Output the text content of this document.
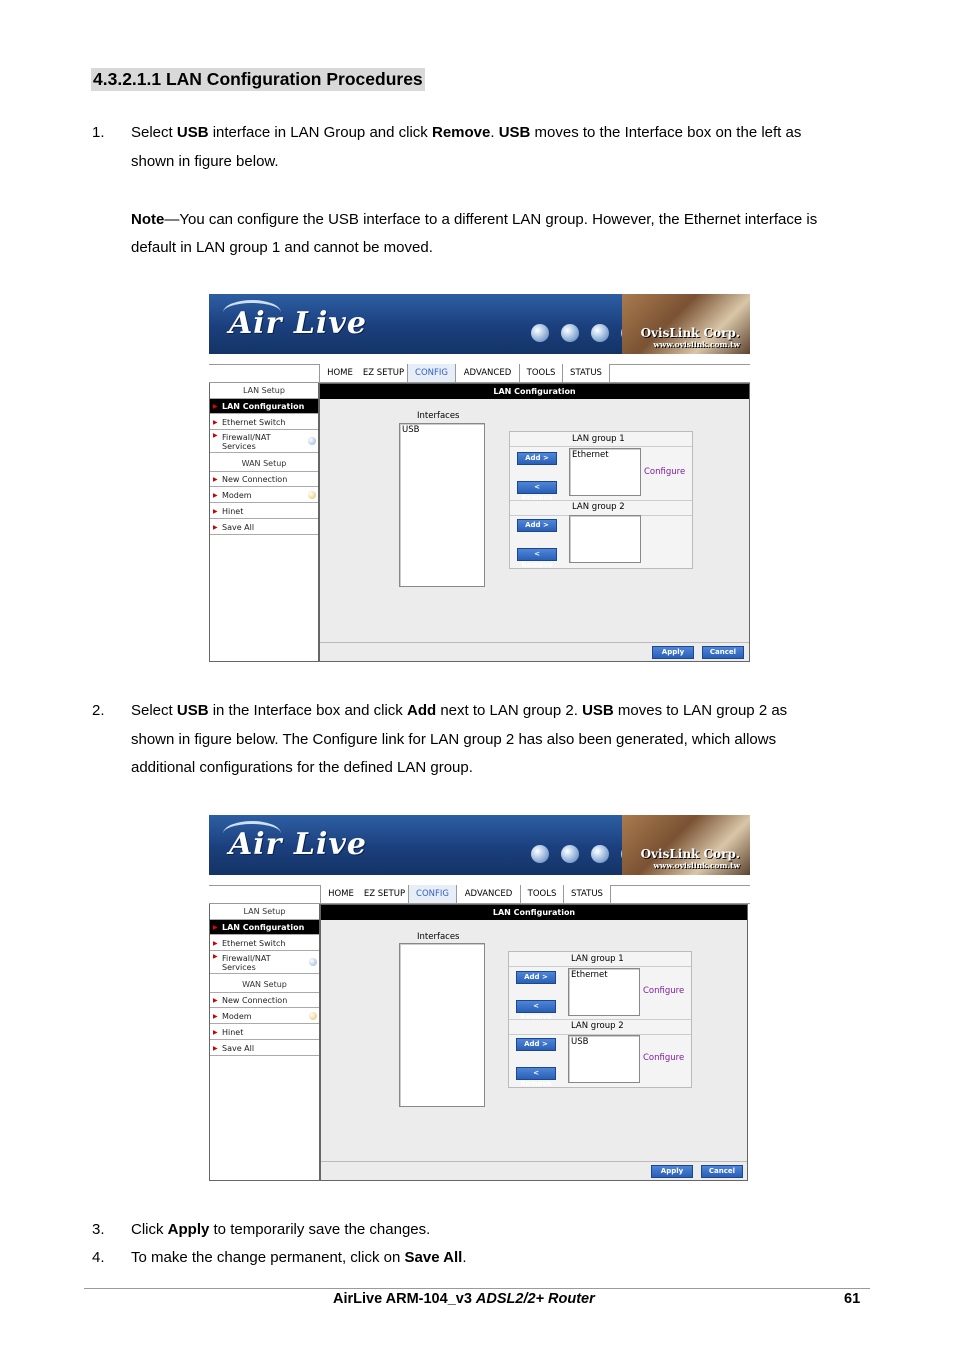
4.3.2.1.1 LAN Configuration Procedures
1. Select USB interface in LAN Group and click Remove. USB moves to the Interface box on the left as
shown in figure below.
Note—You can configure the USB interface to a different LAN group. However, the Ethernet interface is
default in LAN group 1 and cannot be moved.
Air Live	OvisLink Corp.
www.ovislink.com.tw
HOME	EZ SETUP	CONFIG	ADVANCED	TOOLS	STATUS
LAN Setup
▶ LAN Configuration
▶ Ethernet Switch
▶ Firewall/NAT
Services
WAN Setup
▶ New Connection
▶ Modem
▶ Hinet
▶ Save All
LAN Configuration
Interfaces
USB
LAN group 1
Add >
< Remove
Ethernet
Configure
LAN group 2
Add >
< Remove
Apply	Cancel
2. Select USB in the Interface box and click Add next to LAN group 2. USB moves to LAN group 2 as
shown in figure below. The Configure link for LAN group 2 has also been generated, which allows
additional configurations for the defined LAN group.
Air Live	OvisLink Corp.
www.ovislink.com.tw
HOME	EZ SETUP	CONFIG	ADVANCED	TOOLS	STATUS
LAN Setup
▶ LAN Configuration
▶ Ethernet Switch
▶ Firewall/NAT
Services
WAN Setup
▶ New Connection
▶ Modem
▶ Hinet
▶ Save All
LAN Configuration
Interfaces
LAN group 1
Add >
< Remove
Ethernet
Configure
LAN group 2
Add >
< Remove
USB
Configure
Apply	Cancel
3. Click Apply to temporarily save the changes.
4. To make the change permanent, click on Save All.
AirLive ARM-104_v3 ADSL2/2+ Router	61
